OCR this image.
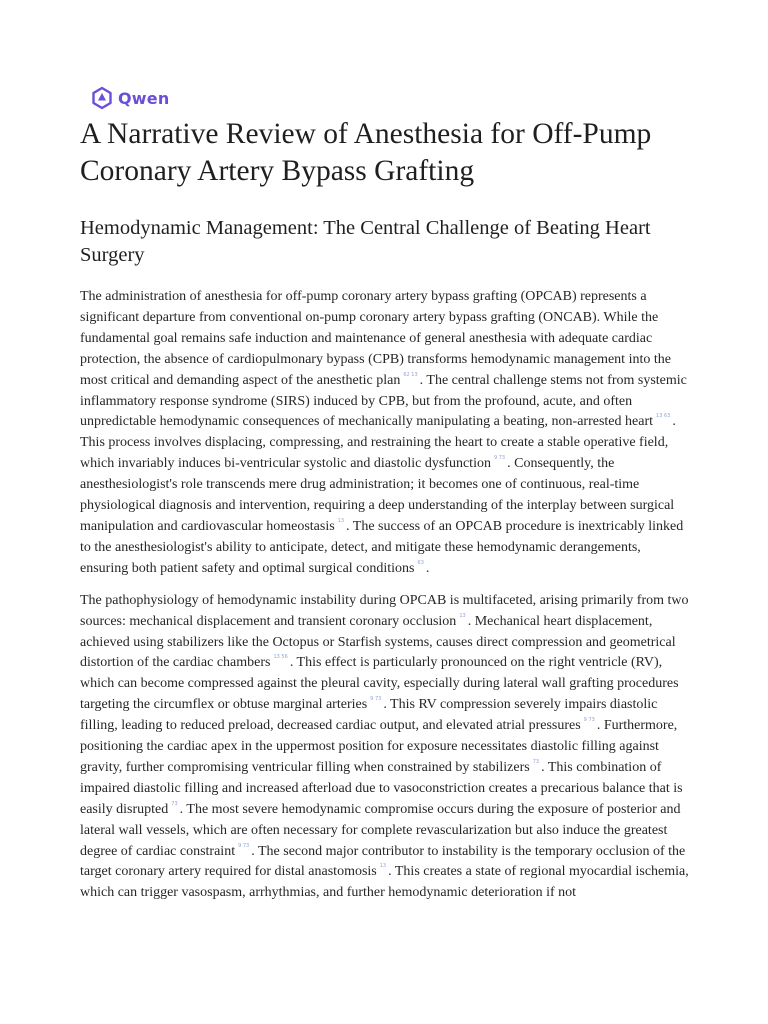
Qwen
A Narrative Review of Anesthesia for Off-Pump Coronary Artery Bypass Grafting
Hemodynamic Management: The Central Challenge of Beating Heart Surgery

The administration of anesthesia for off-pump coronary artery bypass grafting (OPCAB) represents a significant departure from conventional on-pump coronary artery bypass grafting (ONCAB). While the fundamental goal remains safe induction and maintenance of general anesthesia with adequate cardiac protection, the absence of cardiopulmonary bypass (CPB) transforms hemodynamic management into the most critical and demanding aspect of the anesthetic plan 62 13 . The central challenge stems not from systemic inflammatory response syndrome (SIRS) induced by CPB, but from the profound, acute, and often unpredictable hemodynamic consequences of mechanically manipulating a beating, non-arrested heart 13 63 . This process involves displacing, compressing, and restraining the heart to create a stable operative field, which invariably induces bi-ventricular systolic and diastolic dysfunction 9 73 . Consequently, the anesthesiologist's role transcends mere drug administration; it becomes one of continuous, real-time physiological diagnosis and intervention, requiring a deep understanding of the interplay between surgical manipulation and cardiovascular homeostasis 13 . The success of an OPCAB procedure is inextricably linked to the anesthesiologist's ability to anticipate, detect, and mitigate these hemodynamic derangements, ensuring both patient safety and optimal surgical conditions 63 .

The pathophysiology of hemodynamic instability during OPCAB is multifaceted, arising primarily from two sources: mechanical displacement and transient coronary occlusion 13 . Mechanical heart displacement, achieved using stabilizers like the Octopus or Starfish systems, causes direct compression and geometrical distortion of the cardiac chambers 13 56 . This effect is particularly pronounced on the right ventricle (RV), which can become compressed against the pleural cavity, especially during lateral wall grafting procedures targeting the circumflex or obtuse marginal arteries 9 73 . This RV compression severely impairs diastolic filling, leading to reduced preload, decreased cardiac output, and elevated atrial pressures 9 73 . Furthermore, positioning the cardiac apex in the uppermost position for exposure necessitates diastolic filling against gravity, further compromising ventricular filling when constrained by stabilizers 73 . This combination of impaired diastolic filling and increased afterload due to vasoconstriction creates a precarious balance that is easily disrupted 73 . The most severe hemodynamic compromise occurs during the exposure of posterior and lateral wall vessels, which are often necessary for complete revascularization but also induce the greatest degree of cardiac constraint 9 73 . The second major contributor to instability is the temporary occlusion of the target coronary artery required for distal anastomosis 13 . This creates a state of regional myocardial ischemia, which can trigger vasospasm, arrhythmias, and further hemodynamic deterioration if not
